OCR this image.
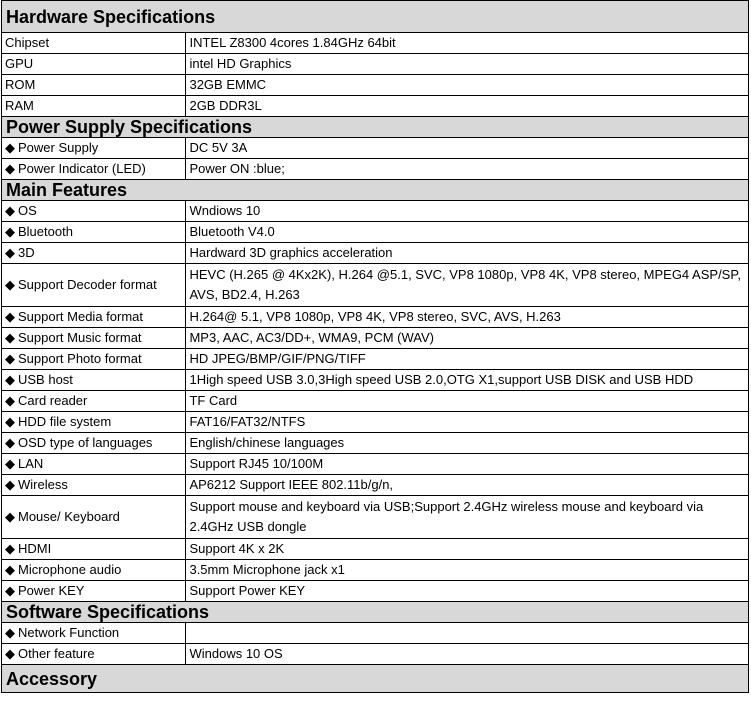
Hardware Specifications	
Chipset	INTEL Z8300 4cores 1.84GHz 64bit
GPU	intel HD Graphics
ROM	32GB EMMC
RAM	2GB DDR3L
Power Supply Specifications	
◆ Power Supply	DC 5V 3A
◆ Power Indicator (LED)	Power ON :blue;
Main Features	
◆ OS	Wndiows 10
◆ Bluetooth	Bluetooth V4.0
◆ 3D	Hardward 3D graphics acceleration
◆ Support Decoder format	HEVC (H.265 @ 4Kx2K), H.264 @5.1, SVC, VP8 1080p, VP8 4K, VP8 stereo, MPEG4 ASP/SP, AVS, BD2.4, H.263
◆ Support Media format	H.264@ 5.1, VP8 1080p, VP8 4K, VP8 stereo, SVC, AVS, H.263
◆ Support Music format	MP3, AAC, AC3/DD+, WMA9, PCM (WAV)
◆ Support Photo format	HD JPEG/BMP/GIF/PNG/TIFF
◆ USB host	1High speed USB 3.0,3High speed USB 2.0,OTG X1,support USB DISK and USB HDD
◆ Card reader	TF Card
◆ HDD file system	FAT16/FAT32/NTFS
◆ OSD type of languages	English/chinese languages
◆ LAN	Support RJ45 10/100M
◆ Wireless	AP6212 Support IEEE 802.11b/g/n,
◆ Mouse/ Keyboard	Support mouse and keyboard via USB;Support 2.4GHz wireless mouse and keyboard via 2.4GHz USB dongle
◆ HDMI	Support 4K x 2K
◆ Microphone audio	3.5mm Microphone jack x1
◆ Power KEY	Support Power KEY
Software Specifications	
◆ Network Function	
◆ Other feature	Windows 10 OS
Accessory	
